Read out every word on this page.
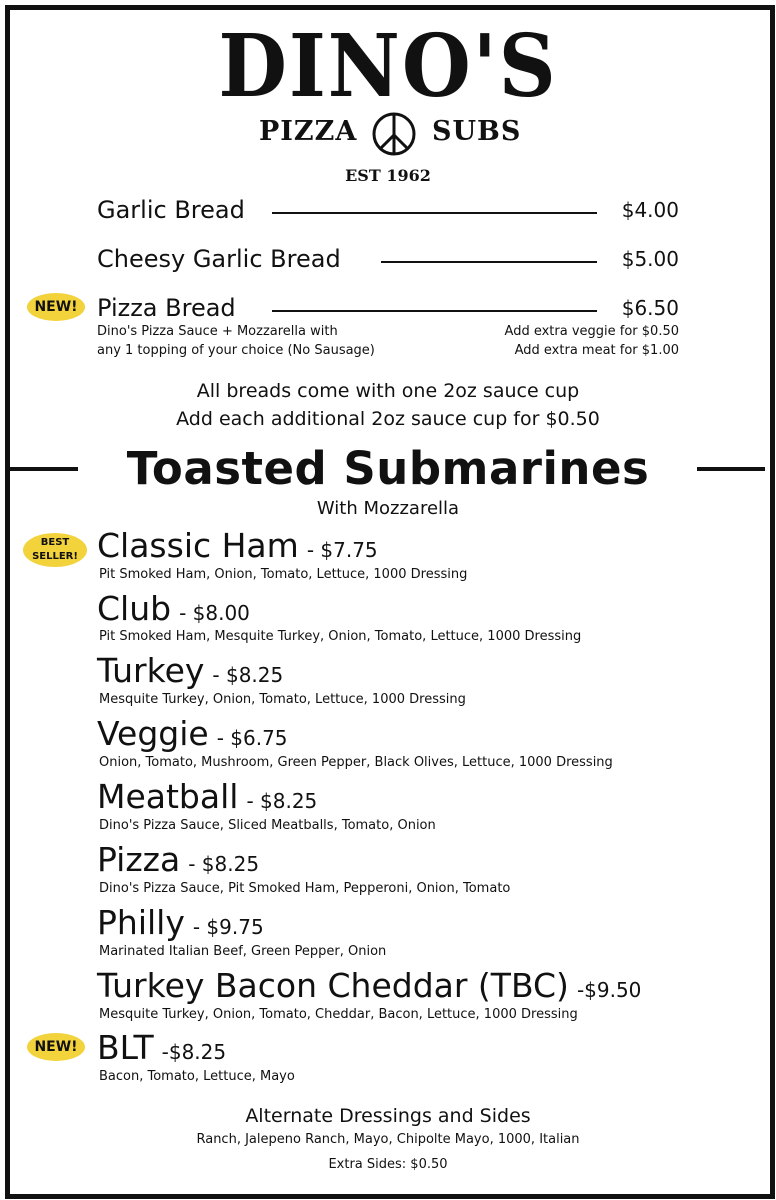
DINO'S
PIZZA	SUBS
EST 1962
Garlic Bread	$4.00
Cheesy Garlic Bread	$5.00
NEW! Pizza Bread	$6.50
Dino's Pizza Sauce + Mozzarella with
any 1 topping of your choice (No Sausage)
Add extra veggie for $0.50
Add extra meat for $1.00
All breads come with one 2oz sauce cup
Add each additional 2oz sauce cup for $0.50
Toasted Submarines
With Mozzarella
BEST
SELLER! Classic Ham - $7.75
Pit Smoked Ham, Onion, Tomato, Lettuce, 1000 Dressing
Club - $8.00
Pit Smoked Ham, Mesquite Turkey, Onion, Tomato, Lettuce, 1000 Dressing
Turkey - $8.25
Mesquite Turkey, Onion, Tomato, Lettuce, 1000 Dressing
Veggie - $6.75
Onion, Tomato, Mushroom, Green Pepper, Black Olives, Lettuce, 1000 Dressing
Meatball - $8.25
Dino's Pizza Sauce, Sliced Meatballs, Tomato, Onion
Pizza - $8.25
Dino's Pizza Sauce, Pit Smoked Ham, Pepperoni, Onion, Tomato
Philly - $9.75
Marinated Italian Beef, Green Pepper, Onion
Turkey Bacon Cheddar (TBC) -$9.50
Mesquite Turkey, Onion, Tomato, Cheddar, Bacon, Lettuce, 1000 Dressing
NEW! BLT -$8.25
Bacon, Tomato, Lettuce, Mayo
Alternate Dressings and Sides
Ranch, Jalepeno Ranch, Mayo, Chipolte Mayo, 1000, Italian
Extra Sides: $0.50
